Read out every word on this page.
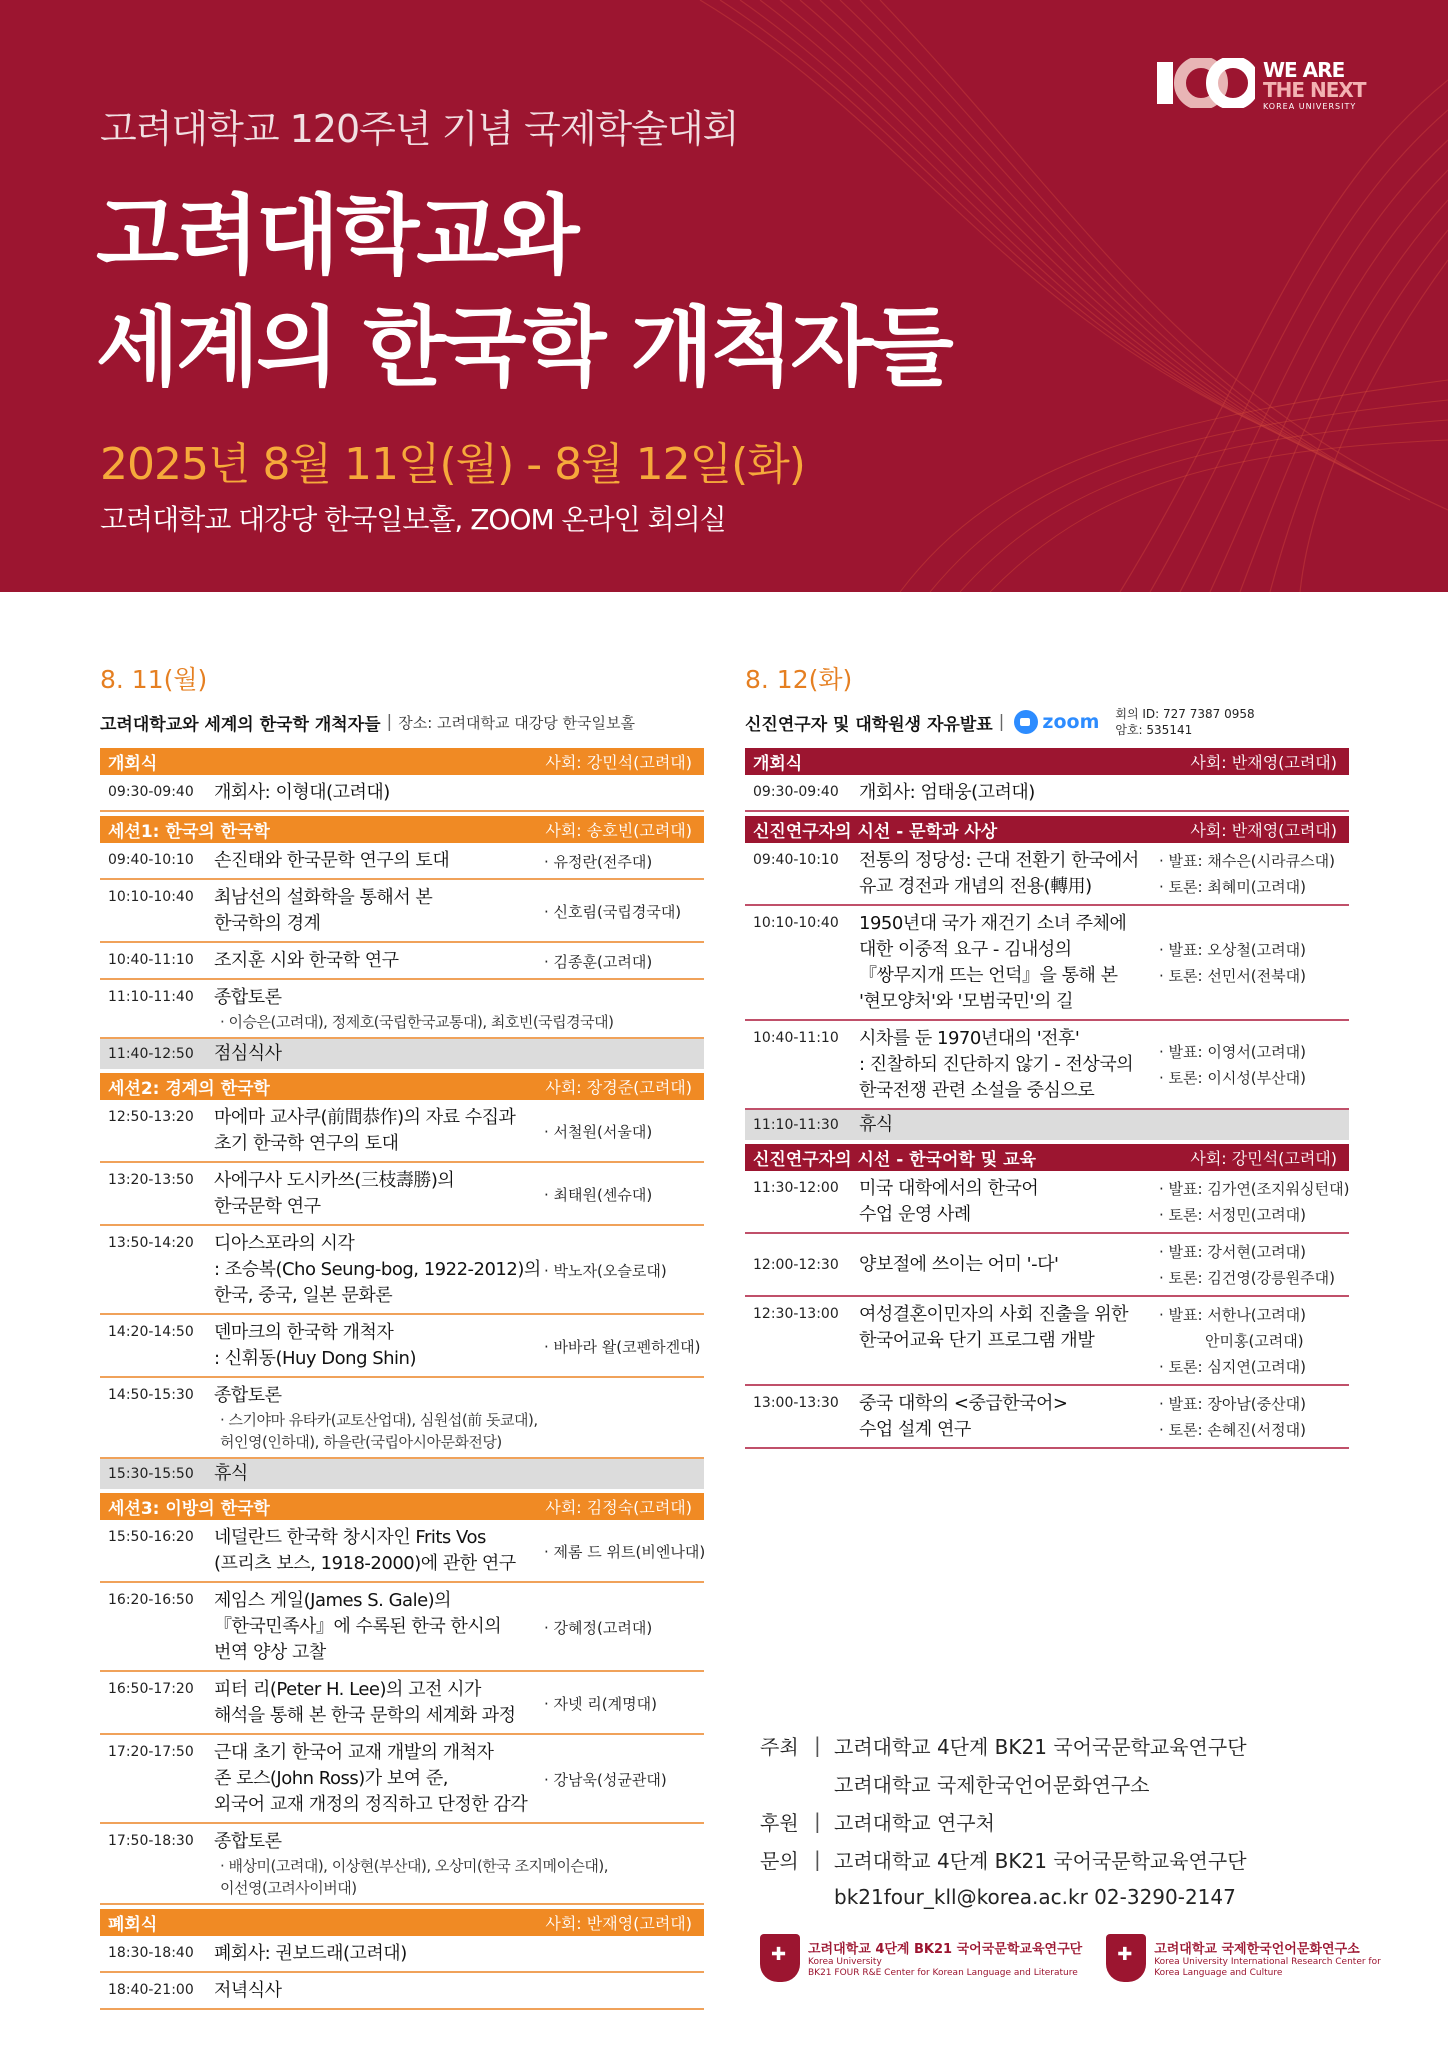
WE ARE
THE NEXT
KOREA UNIVERSITY
고려대학교 120주년 기념 국제학술대회
고려대학교와
세계의 한국학 개척자들
2025년 8월 11일(월) - 8월 12일(화)
고려대학교 대강당 한국일보홀, ZOOM 온라인 회의실
8. 11(월)
고려대학교와 세계의 한국학 개척자들 | 장소: 고려대학교 대강당 한국일보홀
개회식	사회: 강민석(고려대)
09:30-09:40	개회사: 이형대(고려대)
세션1: 한국의 한국학	사회: 송호빈(고려대)
09:40-10:10	손진태와 한국문학 연구의 토대	· 유정란(전주대)
10:10-10:40	최남선의 설화학을 통해서 본
한국학의 경계
· 신호림(국립경국대)
10:40-11:10	조지훈 시와 한국학 연구	· 김종훈(고려대)
11:10-11:40	종합토론
· 이승은(고려대), 정제호(국립한국교통대), 최호빈(국립경국대)
11:40-12:50	점심식사
세션2: 경계의 한국학	사회: 장경준(고려대)
12:50-13:20	마에마 교사쿠(前間恭作)의 자료 수집과
초기 한국학 연구의 토대
· 서철원(서울대)
13:20-13:50	사에구사 도시카쓰(三枝壽勝)의
한국문학 연구
· 최태원(센슈대)
13:50-14:20	디아스포라의 시각
: 조승복(Cho Seung-bog, 1922-2012)의
한국, 중국, 일본 문화론
· 박노자(오슬로대)
14:20-14:50	덴마크의 한국학 개척자
: 신휘동(Huy Dong Shin)
· 바바라 왈(코펜하겐대)
14:50-15:30	종합토론
· 스기야마 유타카(교토산업대), 심원섭(前 돗쿄대),
허인영(인하대), 하을란(국립아시아문화전당)
15:30-15:50	휴식
세션3: 이방의 한국학	사회: 김정숙(고려대)
15:50-16:20	네덜란드 한국학 창시자인 Frits Vos
(프리츠 보스, 1918-2000)에 관한 연구
· 제롬 드 위트(비엔나대)
16:20-16:50	제임스 게일(James S. Gale)의
『한국민족사』에 수록된 한국 한시의
번역 양상 고찰
· 강혜정(고려대)
16:50-17:20	피터 리(Peter H. Lee)의 고전 시가
해석을 통해 본 한국 문학의 세계화 과정
· 자넷 리(계명대)
17:20-17:50	근대 초기 한국어 교재 개발의 개척자
존 로스(John Ross)가 보여 준,
외국어 교재 개정의 정직하고 단정한 감각
· 강남욱(성균관대)
17:50-18:30	종합토론
· 배상미(고려대), 이상현(부산대), 오상미(한국 조지메이슨대),
이선영(고려사이버대)
폐회식	사회: 반재영(고려대)
18:30-18:40	폐회사: 권보드래(고려대)
18:40-21:00	저녁식사
8. 12(화)
신진연구자 및 대학원생 자유발표 | zoom 회의 ID: 727 7387 0958
암호: 535141
개회식	사회: 반재영(고려대)
09:30-09:40	개회사: 엄태웅(고려대)
신진연구자의 시선 - 문학과 사상	사회: 반재영(고려대)
09:40-10:10	전통의 정당성: 근대 전환기 한국에서
유교 경전과 개념의 전용(轉用)
· 발표: 채수은(시라큐스대)
· 토론: 최혜미(고려대)
10:10-10:40	1950년대 국가 재건기 소녀 주체에
대한 이중적 요구 - 김내성의
『쌍무지개 뜨는 언덕』을 통해 본
'현모양처'와 '모범국민'의 길
· 발표: 오상철(고려대)
· 토론: 선민서(전북대)
10:40-11:10	시차를 둔 1970년대의 '전후'
: 진찰하되 진단하지 않기 - 전상국의
한국전쟁 관련 소설을 중심으로
· 발표: 이영서(고려대)
· 토론: 이시성(부산대)
11:10-11:30	휴식
신진연구자의 시선 - 한국어학 및 교육	사회: 강민석(고려대)
11:30-12:00	미국 대학에서의 한국어
수업 운영 사례
· 발표: 김가연(조지워싱턴대)
· 토론: 서정민(고려대)
12:00-12:30	양보절에 쓰이는 어미 '-다'
· 발표: 강서현(고려대)
· 토론: 김건영(강릉원주대)
12:30-13:00	여성결혼이민자의 사회 진출을 위한
한국어교육 단기 프로그램 개발
· 발표: 서한나(고려대)
안미홍(고려대)
· 토론: 심지연(고려대)
13:00-13:30	중국 대학의 <중급한국어>
수업 설계 연구
· 발표: 장아남(중산대)
· 토론: 손혜진(서정대)
주최 | 고려대학교 4단계 BK21 국어국문학교육연구단
고려대학교 국제한국언어문화연구소
후원 | 고려대학교 연구처
문의 | 고려대학교 4단계 BK21 국어국문학교육연구단
bk21four_kll@korea.ac.kr 02-3290-2147
✚
고려대학교 4단계 BK21 국어국문학교육연구단
Korea University
BK21 FOUR R&E Center for Korean Language and Literature
✚
고려대학교 국제한국언어문화연구소
Korea University International Research Center for
Korea Language and Culture
